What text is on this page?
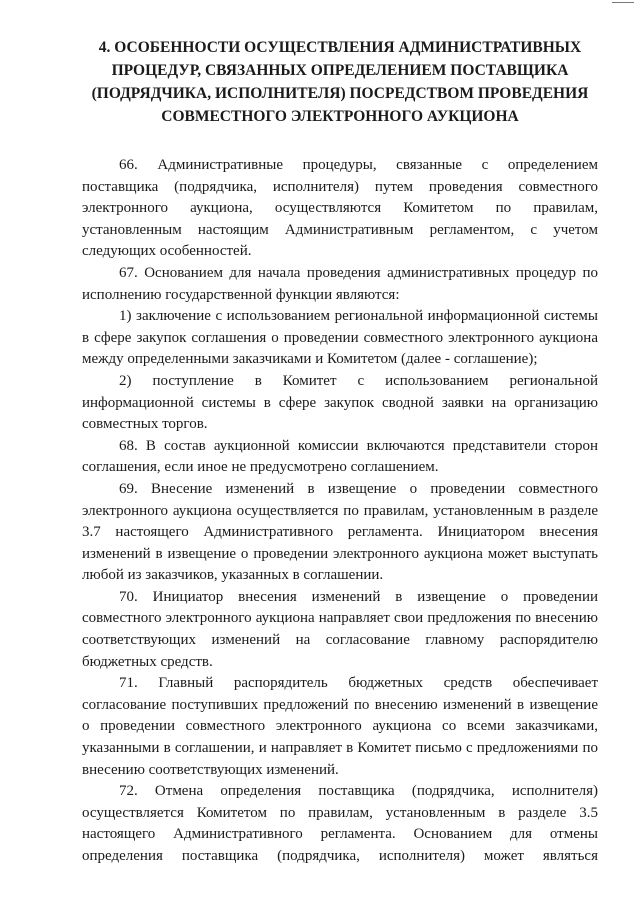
4. ОСОБЕННОСТИ ОСУЩЕСТВЛЕНИЯ АДМИНИСТРАТИВНЫХ ПРОЦЕДУР, СВЯЗАННЫХ ОПРЕДЕЛЕНИЕМ ПОСТАВЩИКА (ПОДРЯДЧИКА, ИСПОЛНИТЕЛЯ) ПОСРЕДСТВОМ ПРОВЕДЕНИЯ СОВМЕСТНОГО ЭЛЕКТРОННОГО АУКЦИОНА

66. Административные процедуры, связанные с определением поставщика (подрядчика, исполнителя) путем проведения совместного электронного аукциона, осуществляются Комитетом по правилам, установленным настоящим Административным регламентом, с учетом следующих особенностей.

67. Основанием для начала проведения административных процедур по исполнению государственной функции являются:

1) заключение с использованием региональной информационной системы в сфере закупок соглашения о проведении совместного электронного аукциона между определенными заказчиками и Комитетом (далее - соглашение);

2) поступление в Комитет с использованием региональной информационной системы в сфере закупок сводной заявки на организацию совместных торгов.

68. В состав аукционной комиссии включаются представители сторон соглашения, если иное не предусмотрено соглашением.

69. Внесение изменений в извещение о проведении совместного электронного аукциона осуществляется по правилам, установленным в разделе 3.7 настоящего Административного регламента. Инициатором внесения изменений в извещение о проведении электронного аукциона может выступать любой из заказчиков, указанных в соглашении.

70. Инициатор внесения изменений в извещение о проведении совместного электронного аукциона направляет свои предложения по внесению соответствующих изменений на согласование главному распорядителю бюджетных средств.

71. Главный распорядитель бюджетных средств обеспечивает согласование поступивших предложений по внесению изменений в извещение о проведении совместного электронного аукциона со всеми заказчиками, указанными в соглашении, и направляет в Комитет письмо с предложениями по внесению соответствующих изменений.

72. Отмена определения поставщика (подрядчика, исполнителя) осуществляется Комитетом по правилам, установленным в разделе 3.5 настоящего Административного регламента. Основанием для отмены определения поставщика (подрядчика, исполнителя) может являться
